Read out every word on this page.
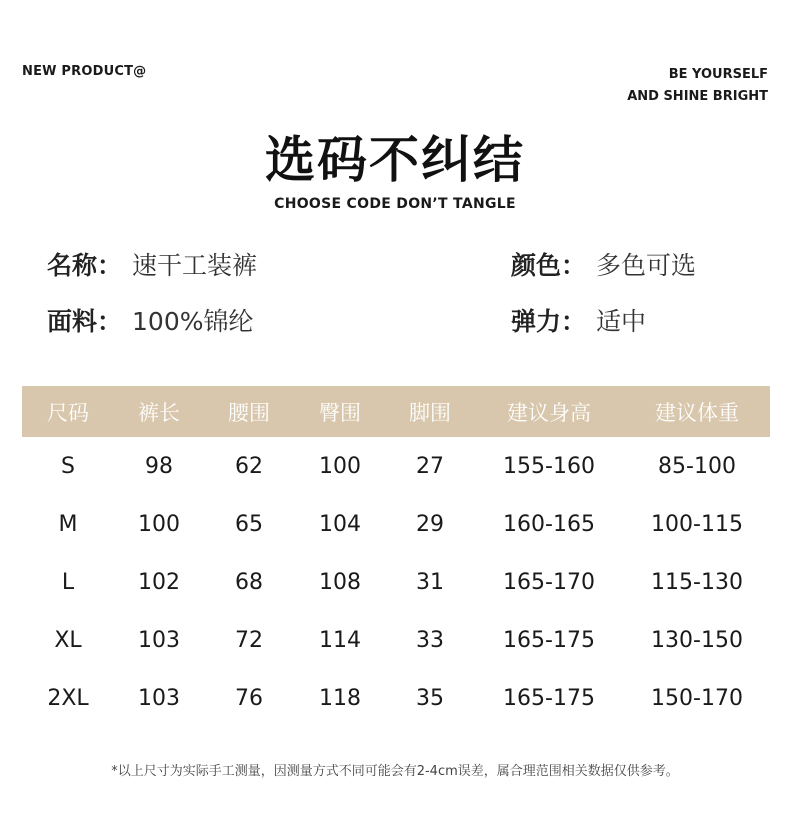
NEW PRODUCT@	BE YOURSELF
AND SHINE BRIGHT
选码不纠结
CHOOSE CODE DON’T TANGLE
名称： 速干工装裤
面料： 100%锦纶
颜色： 多色可选
弹力： 适中
尺码	裤长	腰围	臀围	脚围	建议身高	建议体重
S	98	62	100	27	155-160	85-100
M	100	65	104	29	160-165	100-115
L	102	68	108	31	165-170	115-130
XL	103	72	114	33	165-175	130-150
2XL	103	76	118	35	165-175	150-170
*以上尺寸为实际手工测量，因测量方式不同可能会有2-4cm误差，属合理范围相关数据仅供参考。
